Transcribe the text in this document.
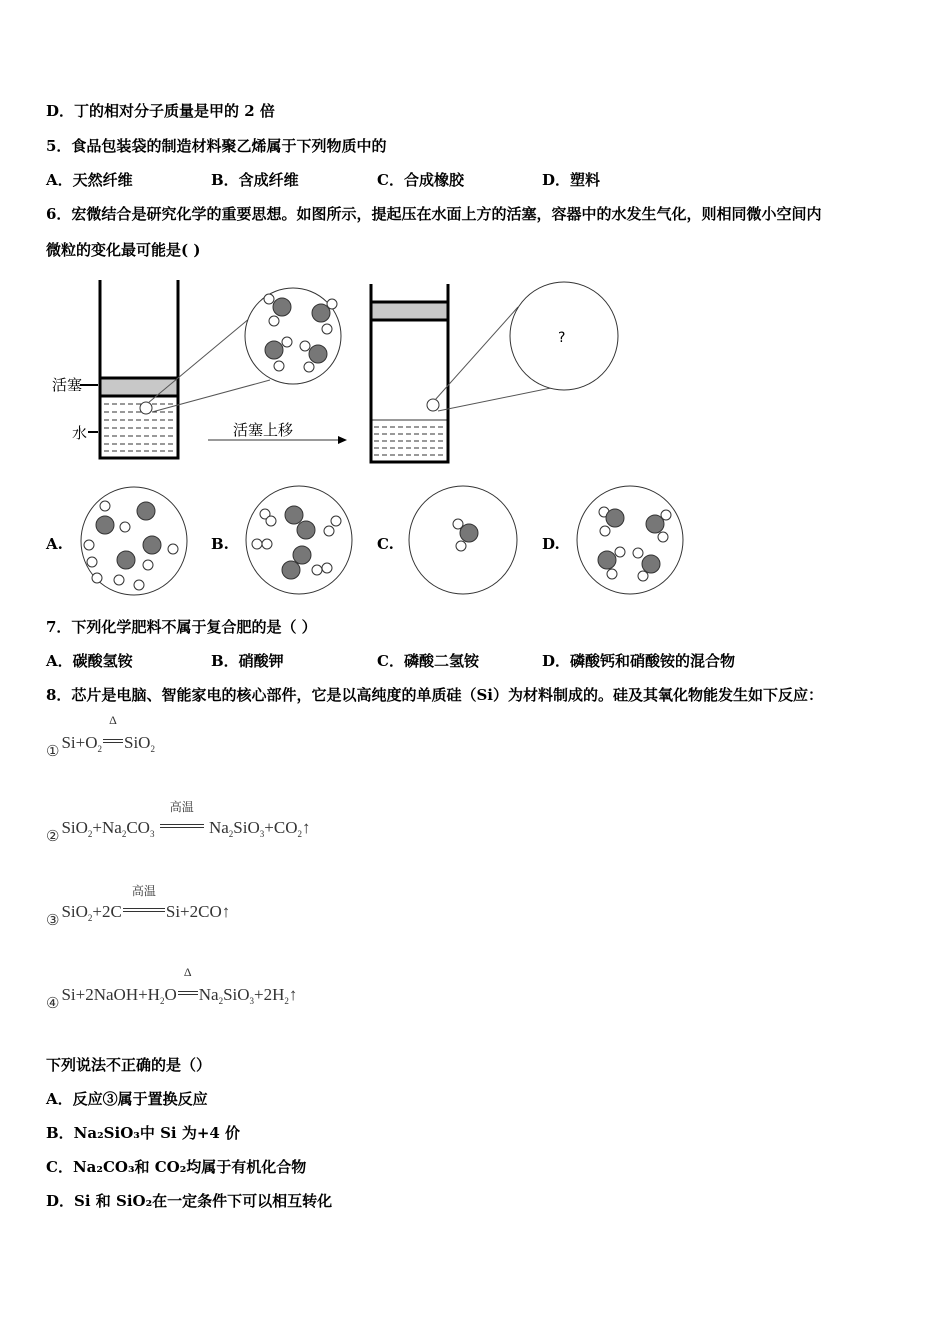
D．丁的相对分子质量是甲的 2 倍
5．食品包装袋的制造材料聚乙烯属于下列物质中的
A．天然纤维	B．含成纤维	C．合成橡胶	D．塑料
6．宏微结合是研究化学的重要思想。如图所示，提起压在水面上方的活塞，容器中的水发生气化，则相同微小空间内
微粒的变化最可能是( )
活塞
水	活塞上移
?
A.	B.	C.	D.
7．下列化学肥料不属于复合肥的是（ ）
A．碳酸氢铵	B．硝酸钾	C．磷酸二氢铵	D．磷酸钙和硝酸铵的混合物
8．芯片是电脑、智能家电的核心部件，它是以高纯度的单质硅（Si）为材料制成的。硅及其氧化物能发生如下反应：
① $Si+O_2$
Δ
SiO$_2$
② $SiO_2+Na_2CO_3$
高温
$Na_2SiO_3+CO_2↑$
③ SiO$_2$+2C
高温
Si+2CO↑
④ $Si+2NaOH+H_2O$
Δ
$Na_2SiO_3+2H_2↑$
下列说法不正确的是（）
A．反应③属于置换反应
B．Na₂SiO₃中 Si 为+4 价
C．Na₂CO₃和 CO₂均属于有机化合物
D．Si 和 SiO₂在一定条件下可以相互转化
